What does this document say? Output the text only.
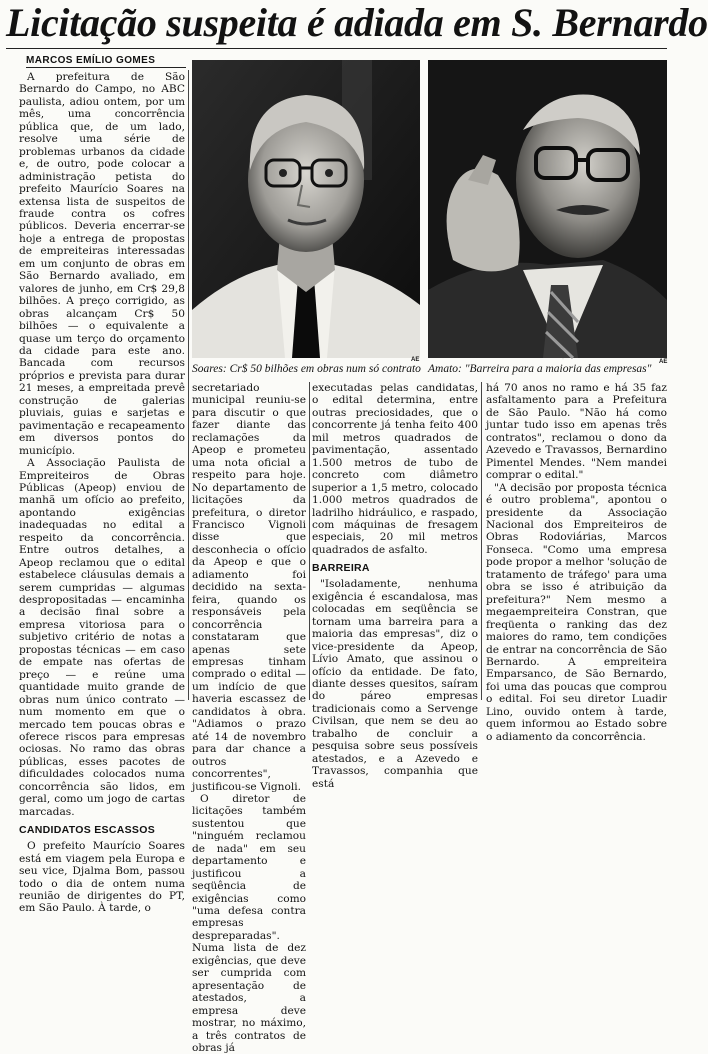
Licitação suspeita é adiada em S. Bernardo
MARCOS EMÍLIO GOMES

A prefeitura de São Bernardo do Campo, no ABC paulista, adiou ontem, por um mês, uma concorrência pública que, de um lado, resolve uma série de problemas urbanos da cidade e, de outro, pode colocar a administração petista do prefeito Maurício Soares na extensa lista de suspeitos de fraude contra os cofres públicos. Deveria encerrar-se hoje a entrega de propostas de empreiteiras interessadas em um conjunto de obras em São Bernardo avaliado, em valores de junho, em Cr$ 29,8 bilhões. A preço corrigido, as obras alcançam Cr$ 50 bilhões — o equivalente a quase um terço do orçamento da cidade para este ano. Bancada com recursos próprios e prevista para durar 21 meses, a empreitada prevê construção de galerias pluviais, guias e sarjetas e pavimentação e recapeamento em diversos pontos do município.

A Associação Paulista de Empreiteiros de Obras Públicas (Apeop) enviou de manhã um ofício ao prefeito, apontando exigências inadequadas no edital a respeito da concorrência. Entre outros detalhes, a Apeop reclamou que o edital estabelece cláusulas demais a serem cumpridas — algumas despropositadas — encaminha a decisão final sobre a empresa vitoriosa para o subjetivo critério de notas a propostas técnicas — em caso de empate nas ofertas de preço — e reúne uma quantidade muito grande de obras num único contrato — num momento em que o mercado tem poucas obras e oferece riscos para empresas ociosas. No ramo das obras públicas, esses pacotes de dificuldades colocados numa concorrência são lidos, em geral, como um jogo de cartas marcadas.

CANDIDATOS ESCASSOS

O prefeito Maurício Soares está em viagem pela Europa e seu vice, Djalma Bom, passou todo o dia de ontem numa reunião de dirigentes do PT, em São Paulo. À tarde, o

AE	AE
Soares: Cr$ 50 bilhões em obras num só contrato Amato: "Barreira para a maioria das empresas"

secretariado municipal reuniu-se para discutir o que fazer diante das reclamações da Apeop e prometeu uma nota oficial a respeito para hoje. No departamento de licitações da prefeitura, o diretor Francisco Vignoli disse que desconhecia o ofício da Apeop e que o adiamento foi decidido na sexta-feira, quando os responsáveis pela concorrência constataram que apenas sete empresas tinham comprado o edital — um indício de que haveria escassez de candidatos à obra. "Adiamos o prazo até 14 de novembro para dar chance a outros concorrentes", justificou-se Vignoli.

O diretor de licitações também sustentou que "ninguém reclamou de nada" em seu departamento e justificou a seqüência de exigências como "uma defesa contra empresas despreparadas". Numa lista de dez exigências, que deve ser cumprida com apresentação de atestados, a empresa deve mostrar, no máximo, a três contratos de obras já

executadas pelas candidatas, o edital determina, entre outras preciosidades, que o concorrente já tenha feito 400 mil metros quadrados de pavimentação, assentado 1.500 metros de tubo de concreto com diâmetro superior a 1,5 metro, colocado 1.000 metros quadrados de ladrilho hidráulico, e raspado, com máquinas de fresagem especiais, 20 mil metros quadrados de asfalto.

BARREIRA

"Isoladamente, nenhuma exigência é escandalosa, mas colocadas em seqüência se tornam uma barreira para a maioria das empresas", diz o vice-presidente da Apeop, Lívio Amato, que assinou o ofício da entidade. De fato, diante desses quesitos, saíram do páreo empresas tradicionais como a Servenge Civilsan, que nem se deu ao trabalho de concluir a pesquisa sobre seus possíveis atestados, e a Azevedo e Travassos, companhia que está

há 70 anos no ramo e há 35 faz asfaltamento para a Prefeitura de São Paulo. "Não há como juntar tudo isso em apenas três contratos", reclamou o dono da Azevedo e Travassos, Bernardino Pimentel Mendes. "Nem mandei comprar o edital."

"A decisão por proposta técnica é outro problema", apontou o presidente da Associação Nacional dos Empreiteiros de Obras Rodoviárias, Marcos Fonseca. "Como uma empresa pode propor a melhor 'solução de tratamento de tráfego' para uma obra se isso é atribuição da prefeitura?" Nem mesmo a megaempreiteira Constran, que freqüenta o ranking das dez maiores do ramo, tem condições de entrar na concorrência de São Bernardo. A empreiteira Emparsanco, de São Bernardo, foi uma das poucas que comprou o edital. Foi seu diretor Luadir Lino, ouvido ontem à tarde, quem informou ao Estado sobre o adiamento da concorrência.
